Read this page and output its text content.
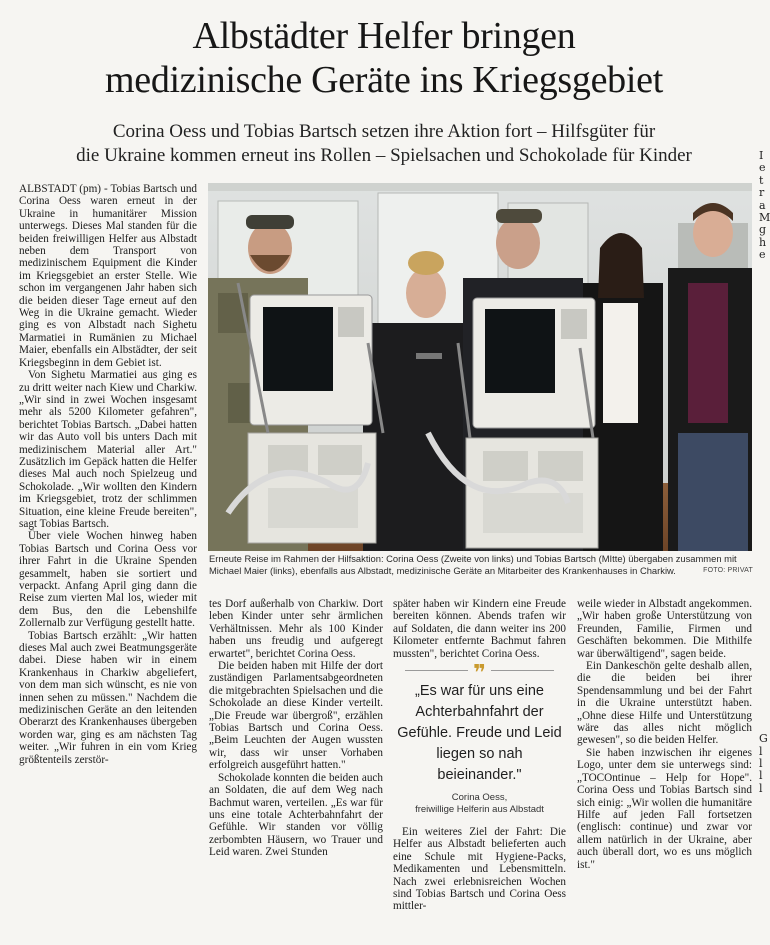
Albstädter Helfer bringen
medizinische Geräte ins Kriegsgebiet
Corina Oess und Tobias Bartsch setzen ihre Aktion fort – Hilfsgüter für
die Ukraine kommen erneut ins Rollen – Spielsachen und Schokolade für Kinder

ALBSTADT (pm) - Tobias Bartsch und Corina Oess waren erneut in der Ukraine in humanitärer Mission unterwegs. Dieses Mal standen für die beiden freiwilligen Helfer aus Albstadt neben dem Transport von medizinischem Equipment die Kinder im Kriegsgebiet an erster Stelle. Wie schon im vergangenen Jahr haben sich die beiden dieser Tage erneut auf den Weg in die Ukraine gemacht. Wieder ging es von Albstadt nach Sighetu Marmatiei in Rumänien zu Michael Maier, ebenfalls ein Albstädter, der seit Kriegsbeginn in dem Gebiet ist.

Von Sighetu Marmatiei aus ging es zu dritt weiter nach Kiew und Charkiw. „Wir sind in zwei Wochen insgesamt mehr als 5200 Kilometer gefahren", berichtet Tobias Bartsch. „Dabei hatten wir das Auto voll bis unters Dach mit medizinischem Material aller Art." Zusätzlich im Gepäck hatten die Helfer dieses Mal auch noch Spielzeug und Schokolade. „Wir wollten den Kindern im Kriegsgebiet, trotz der schlimmen Situation, eine kleine Freude bereiten", sagt Tobias Bartsch.

Über viele Wochen hinweg haben Tobias Bartsch und Corina Oess vor ihrer Fahrt in die Ukraine Spenden gesammelt, haben sie sortiert und verpackt. Anfang April ging dann die Reise zum vierten Mal los, wieder mit dem Bus, den die Lebenshilfe Zollernalb zur Verfügung gestellt hatte.

Tobias Bartsch erzählt: „Wir hatten dieses Mal auch zwei Beatmungsgeräte dabei. Diese haben wir in einem Krankenhaus in Charkiw abgeliefert, von dem man sich wünscht, es nie von innen sehen zu müssen." Nachdem die medizinischen Geräte an den leitenden Oberarzt des Krankenhauses übergeben worden war, ging es am nächsten Tag weiter. „Wir fuhren in ein vom Krieg größtenteils zerstör-

Erneute Reise im Rahmen der Hilfsaktion: Corina Oess (Zweite von links) und Tobias Bartsch (MItte) übergaben zusammen mit
Michael Maier (links), ebenfalls aus Albstadt, medizinische Geräte an Mitarbeiter des Krankenhauses in Charkiw.	FOTO: PRIVAT

tes Dorf außerhalb von Charkiw. Dort leben Kinder unter sehr ärmlichen Verhältnissen. Mehr als 100 Kinder haben uns freudig und aufgeregt erwartet", berichtet Corina Oess.

Die beiden haben mit Hilfe der dort zuständigen Parlamentsabgeordneten die mitgebrachten Spielsachen und die Schokolade an diese Kinder verteilt. „Die Freude war übergroß", erzählen Tobias Bartsch und Corina Oess. „Beim Leuchten der Augen wussten wir, dass wir unser Vorhaben erfolgreich ausgeführt hatten."

Schokolade konnten die beiden auch an Soldaten, die auf dem Weg nach Bachmut waren, verteilen. „Es war für uns eine totale Achterbahnfahrt der Gefühle. Wir standen vor völlig zerbombten Häusern, wo Trauer und Leid waren. Zwei Stunden

später haben wir Kindern eine Freude bereiten können. Abends trafen wir auf Soldaten, die dann weiter ins 200 Kilometer entfernte Bachmut fahren mussten", berichtet Corina Oess.

❞
„Es war für uns eine Achterbahnfahrt der Gefühle. Freude und Leid liegen so nah beieinander."
Corina Oess,
freiwillige Helferin aus Albstadt

Ein weiteres Ziel der Fahrt: Die Helfer aus Albstadt belieferten auch eine Schule mit Hygiene-Packs, Medikamenten und Lebensmitteln. Nach zwei erlebnisreichen Wochen sind Tobias Bartsch und Corina Oess mittler-

weile wieder in Albstadt angekommen. „Wir haben große Unterstützung von Freunden, Familie, Firmen und Geschäften bekommen. Die Mithilfe war überwältigend", sagen beide.

Ein Dankeschön gelte deshalb allen, die die beiden bei ihrer Spendensammlung und bei der Fahrt in die Ukraine unterstützt haben. „Ohne diese Hilfe und Unterstützung wäre das alles nicht möglich gewesen", so die beiden Helfer.

Sie haben inzwischen ihr eigenes Logo, unter dem sie unterwegs sind: „TOCOntinue – Help for Hope". Corina Oess und Tobias Bartsch sind sich einig: „Wir wollen die humanitäre Hilfe auf jeden Fall fortsetzen (englisch: continue) und zwar vor allem natürlich in der Ukraine, aber auch überall dort, wo es uns möglich ist."

I
e
t
r
a
M
g
h
e

G
l
l
l
l
